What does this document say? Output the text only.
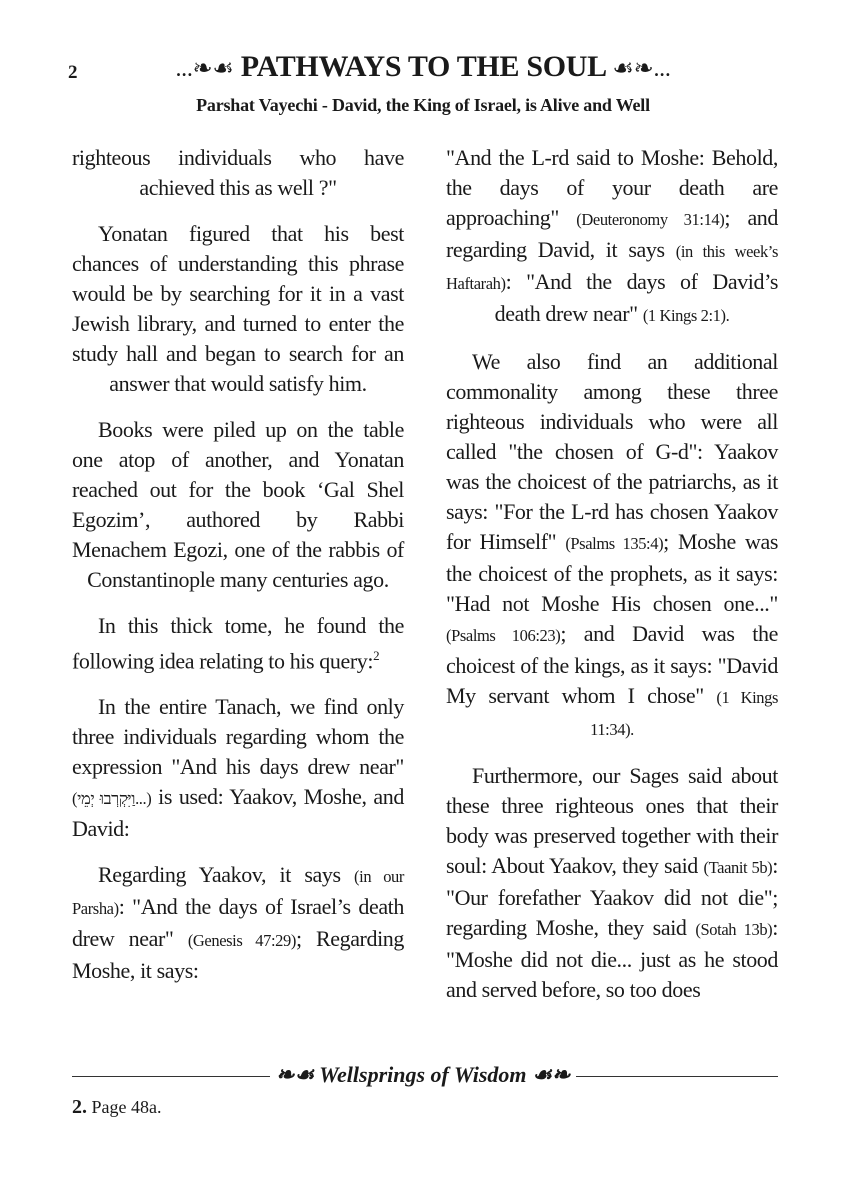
2	...❧☙ PATHWAYS TO THE SOUL ☙❧...
Parshat Vayechi - David, the King of Israel, is Alive and Well

righteous individuals who have achieved this as well ?"

Yonatan figured that his best chances of understanding this phrase would be by searching for it in a vast Jewish library, and turned to enter the study hall and began to search for an answer that would satisfy him.

Books were piled up on the table one atop of another, and Yonatan reached out for the book ‘Gal Shel Egozim’, authored by Rabbi Menachem Egozi, one of the rabbis of Constantinople many centuries ago.

In this thick tome, he found the following idea relating to his query:$^2$

In the entire Tanach, we find only three individuals regarding whom the expression "And his days drew near" (וַיִּקְרְבוּ יְמֵי...) is used: Yaakov, Moshe, and David:

Regarding Yaakov, it says (in our Parsha): "And the days of Israel’s death drew near" (Genesis 47:29); Regarding Moshe, it says:

"And the L-rd said to Moshe: Behold, the days of your death are approaching" (Deuteronomy 31:14); and regarding David, it says (in this week’s Haftarah): "And the days of David’s death drew near" (1 Kings 2:1).

We also find an additional commonality among these three righteous individuals who were all called "the chosen of G-d": Yaakov was the choicest of the patriarchs, as it says: "For the L-rd has chosen Yaakov for Himself" (Psalms 135:4); Moshe was the choicest of the prophets, as it says: "Had not Moshe His chosen one..." (Psalms 106:23); and David was the choicest of the kings, as it says: "David My servant whom I chose" (1 Kings 11:34).

Furthermore, our Sages said about these three righteous ones that their body was preserved together with their soul: About Yaakov, they said (Taanit 5b): "Our forefather Yaakov did not die"; regarding Moshe, they said (Sotah 13b): "Moshe did not die... just as he stood and served before, so too does

❧☙ Wellsprings of Wisdom ☙❧
2. Page 48a.
